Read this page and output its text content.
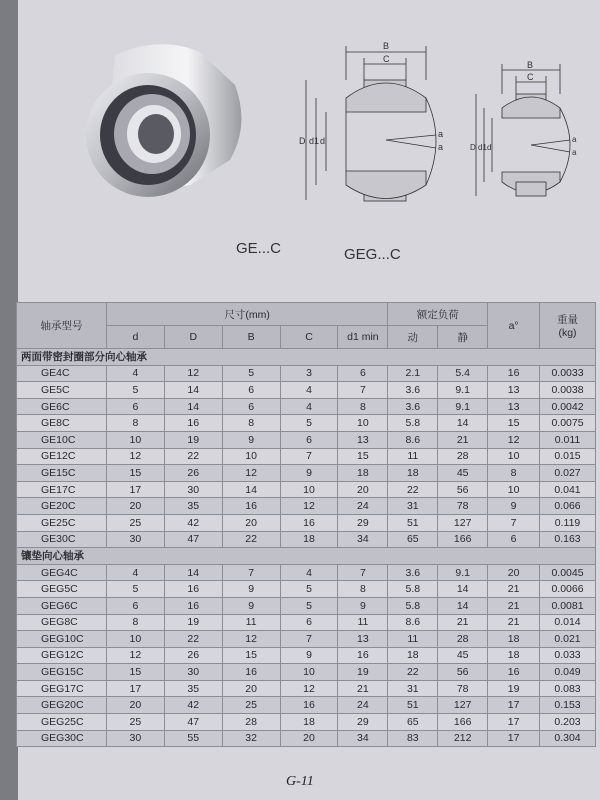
B
C
D d1 d
a
a
B
C
D d1 d
a
a
GE...C	GEG...C
轴承型号	尺寸(mm)					额定负荷		a°	重量
(kg)

	d	D	B	C	d1 min	动	静		
两面带密封圈部分向心轴承									
GE4C	4	12	5	3	6	2.1	5.4	16	0.0033
GE5C	5	14	6	4	7	3.6	9.1	13	0.0038
GE6C	6	14	6	4	8	3.6	9.1	13	0.0042
GE8C	8	16	8	5	10	5.8	14	15	0.0075
GE10C	10	19	9	6	13	8.6	21	12	0.011
GE12C	12	22	10	7	15	11	28	10	0.015
GE15C	15	26	12	9	18	18	45	8	0.027
GE17C	17	30	14	10	20	22	56	10	0.041
GE20C	20	35	16	12	24	31	78	9	0.066
GE25C	25	42	20	16	29	51	127	7	0.119
GE30C	30	47	22	18	34	65	166	6	0.163
镶垫向心轴承									
GEG4C	4	14	7	4	7	3.6	9.1	20	0.0045
GEG5C	5	16	9	5	8	5.8	14	21	0.0066
GEG6C	6	16	9	5	9	5.8	14	21	0.0081
GEG8C	8	19	11	6	11	8.6	21	21	0.014
GEG10C	10	22	12	7	13	11	28	18	0.021
GEG12C	12	26	15	9	16	18	45	18	0.033
GEG15C	15	30	16	10	19	22	56	16	0.049
GEG17C	17	35	20	12	21	31	78	19	0.083
GEG20C	20	42	25	16	24	51	127	17	0.153
GEG25C	25	47	28	18	29	65	166	17	0.203
GEG30C	30	55	32	20	34	83	212	17	0.304
G-11
